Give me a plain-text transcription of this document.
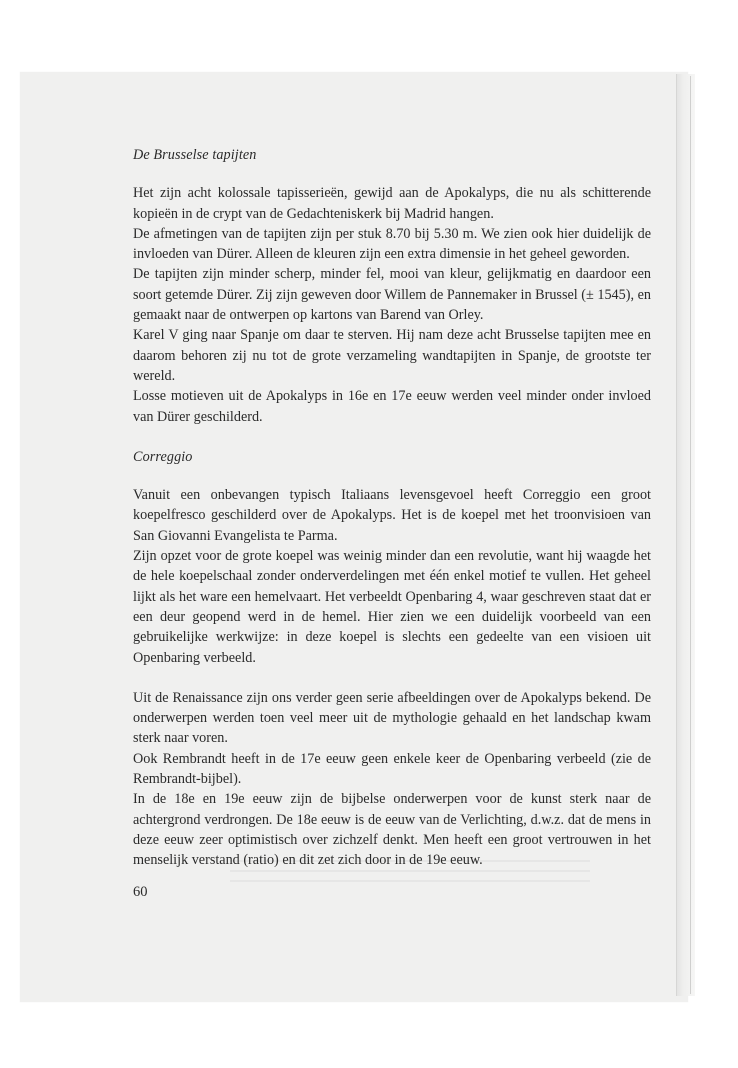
De Brusselse tapijten

Het zijn acht kolossale tapisserieën, gewijd aan de Apokalyps, die nu als schitterende kopieën in de crypt van de Gedachteniskerk bij Madrid hangen.

De afmetingen van de tapijten zijn per stuk 8.70 bij 5.30 m. We zien ook hier duidelijk de invloeden van Dürer. Alleen de kleuren zijn een extra dimensie in het geheel geworden.

De tapijten zijn minder scherp, minder fel, mooi van kleur, gelijkmatig en daardoor een soort getemde Dürer. Zij zijn geweven door Willem de Pannemaker in Brussel (± 1545), en gemaakt naar de ontwerpen op kartons van Barend van Orley.

Karel V ging naar Spanje om daar te sterven. Hij nam deze acht Brusselse tapijten mee en daarom behoren zij nu tot de grote verzameling wandtapijten in Spanje, de grootste ter wereld.

Losse motieven uit de Apokalyps in 16e en 17e eeuw werden veel minder onder invloed van Dürer geschilderd.

Correggio

Vanuit een onbevangen typisch Italiaans levensgevoel heeft Correggio een groot koepelfresco geschilderd over de Apokalyps. Het is de koepel met het troonvisioen van San Giovanni Evangelista te Parma.

Zijn opzet voor de grote koepel was weinig minder dan een revolutie, want hij waagde het de hele koepelschaal zonder onderverdelingen met één enkel motief te vullen. Het geheel lijkt als het ware een hemelvaart. Het verbeeldt Openbaring 4, waar geschreven staat dat er een deur geopend werd in de hemel. Hier zien we een duidelijk voorbeeld van een gebruikelijke werkwijze: in deze koepel is slechts een gedeelte van een visioen uit Openbaring verbeeld.

Uit de Renaissance zijn ons verder geen serie afbeeldingen over de Apokalyps bekend. De onderwerpen werden toen veel meer uit de mythologie gehaald en het landschap kwam sterk naar voren.

Ook Rembrandt heeft in de 17e eeuw geen enkele keer de Openbaring verbeeld (zie de Rembrandt-bijbel).

In de 18e en 19e eeuw zijn de bijbelse onderwerpen voor de kunst sterk naar de achtergrond verdrongen. De 18e eeuw is de eeuw van de Verlichting, d.w.z. dat de mens in deze eeuw zeer optimistisch over zichzelf denkt. Men heeft een groot vertrouwen in het menselijk verstand (ratio) en dit zet zich door in de 19e eeuw.

60
